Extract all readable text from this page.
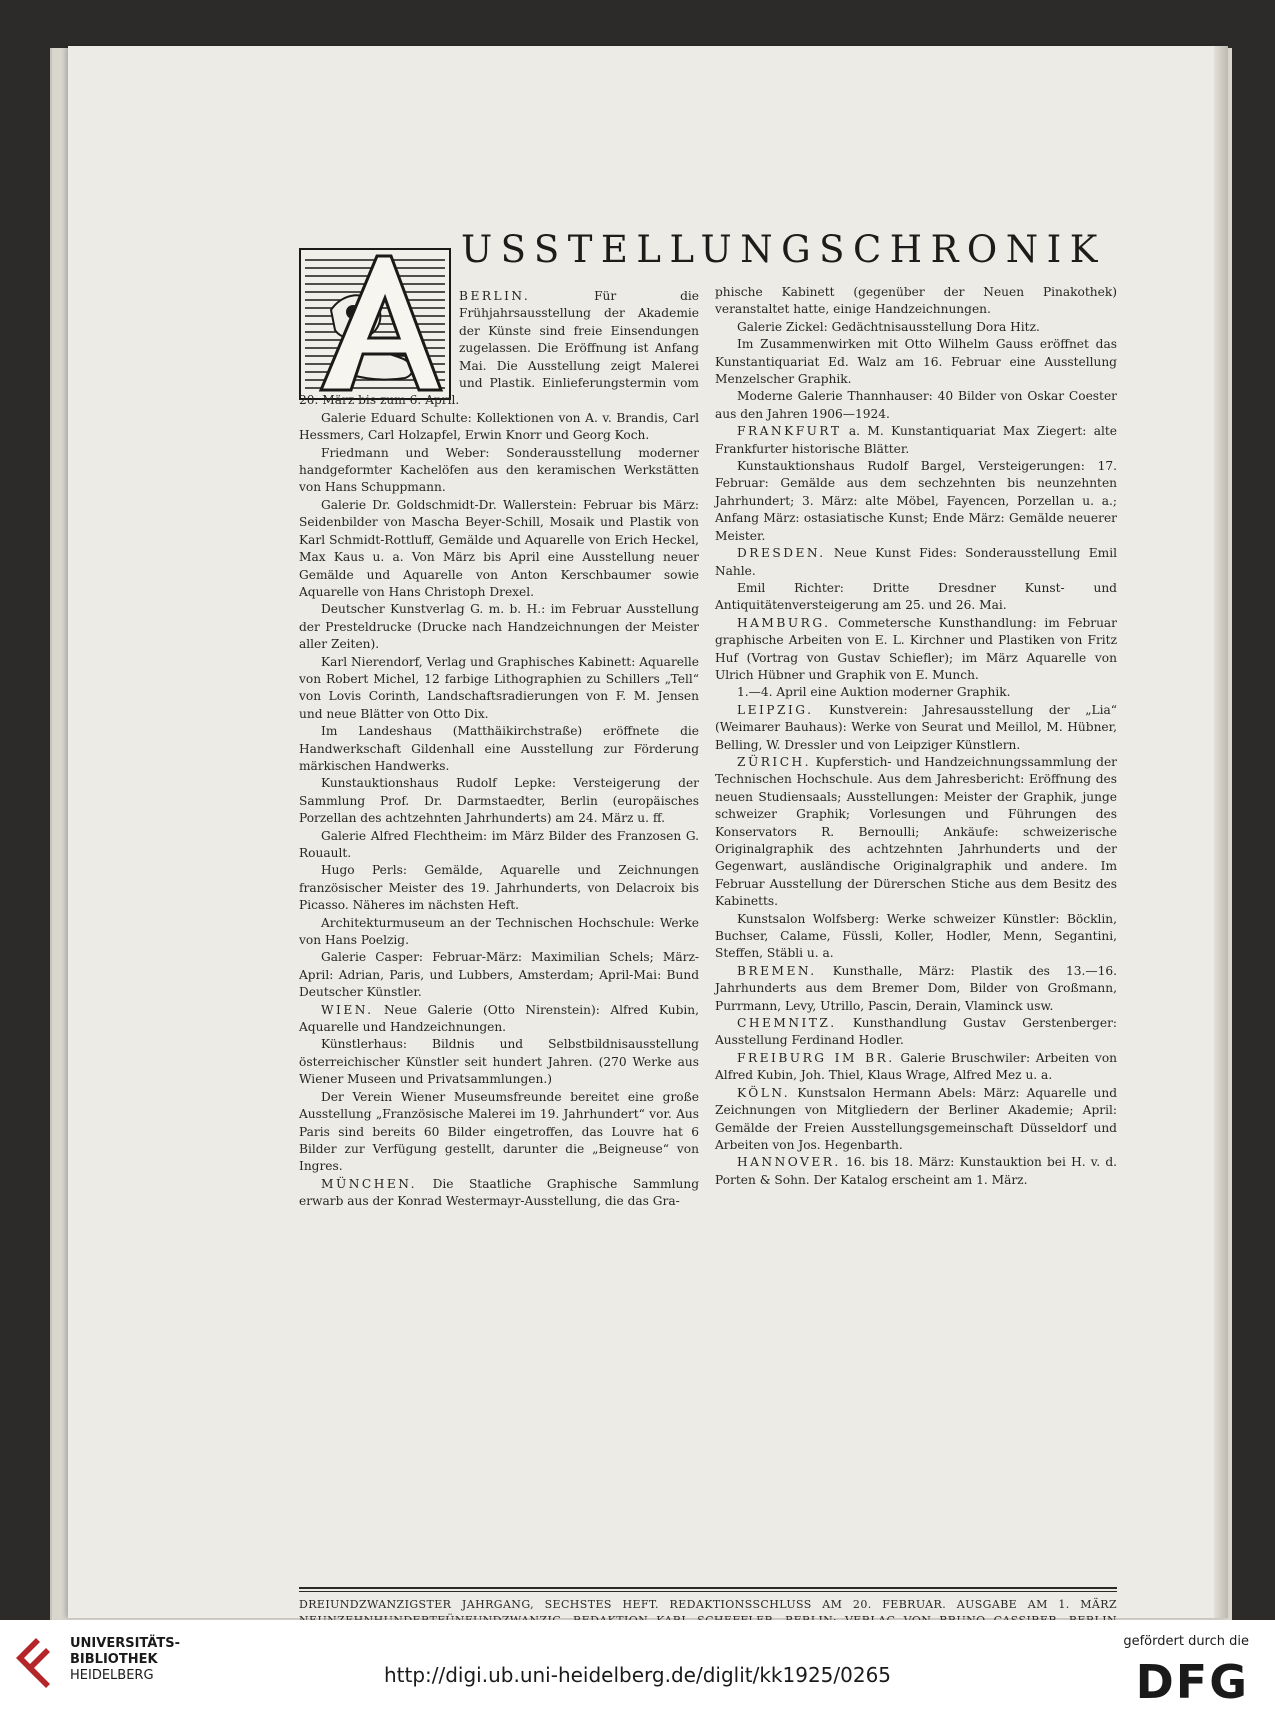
USSTELLUNGSCHRONIK

BERLIN.	Für die Frühjahrsausstellung der Akademie der Künste sind freie Einsendungen zugelassen. Die Eröffnung ist Anfang Mai. Die Ausstellung zeigt Malerei und Plastik. Einlieferungstermin vom 20. März bis zum 6. April.

Galerie Eduard Schulte: Kollektionen von A. v. Brandis, Carl Hessmers, Carl Holzapfel, Erwin Knorr und Georg Koch.

Friedmann und Weber: Sonderausstellung moderner handgeformter Kachelöfen aus den keramischen Werkstätten von Hans Schuppmann.

Galerie Dr. Goldschmidt-Dr. Wallerstein: Februar bis März: Seidenbilder von Mascha Beyer-Schill, Mosaik und Plastik von Karl Schmidt-Rottluff, Gemälde und Aquarelle von Erich Heckel, Max Kaus u. a. Von März bis April eine Ausstellung neuer Gemälde und Aquarelle von Anton Kerschbaumer sowie Aquarelle von Hans Christoph Drexel.

Deutscher Kunstverlag G. m. b. H.: im Februar Ausstellung der Presteldrucke (Drucke nach Handzeichnungen der Meister aller Zeiten).

Karl Nierendorf, Verlag und Graphisches Kabinett: Aquarelle von Robert Michel, 12 farbige Lithographien zu Schillers „Tell“ von Lovis Corinth, Landschaftsradierungen von F. M. Jensen und neue Blätter von Otto Dix.

Im Landeshaus (Matthäikirchstraße) eröffnete die Handwerkschaft Gildenhall eine Ausstellung zur Förderung märkischen Handwerks.

Kunstauktionshaus Rudolf Lepke: Versteigerung der Sammlung Prof. Dr. Darmstaedter, Berlin (europäisches Porzellan des achtzehnten Jahrhunderts) am 24. März u. ff.

Galerie Alfred Flechtheim: im März Bilder des Franzosen G. Rouault.

Hugo Perls: Gemälde, Aquarelle und Zeichnungen französischer Meister des 19. Jahrhunderts, von Delacroix bis Picasso. Näheres im nächsten Heft.

Architekturmuseum an der Technischen Hochschule: Werke von Hans Poelzig.

Galerie Casper: Februar-März: Maximilian Schels; März-April: Adrian, Paris, und Lubbers, Amsterdam; April-Mai: Bund Deutscher Künstler.

WIEN. Neue Galerie (Otto Nirenstein): Alfred Kubin, Aquarelle und Handzeichnungen.

Künstlerhaus: Bildnis und Selbstbildnisausstellung österreichischer Künstler seit hundert Jahren. (270 Werke aus Wiener Museen und Privatsammlungen.)

Der Verein Wiener Museumsfreunde bereitet eine große Ausstellung „Französische Malerei im 19. Jahrhundert“ vor. Aus Paris sind bereits 60 Bilder eingetroffen, das Louvre hat 6 Bilder zur Verfügung gestellt, darunter die „Beigneuse“ von Ingres.

MÜNCHEN. Die Staatliche Graphische Sammlung erwarb aus der Konrad Westermayr-Ausstellung, die das Gra-

phische Kabinett (gegenüber der Neuen Pinakothek) veranstaltet hatte, einige Handzeichnungen.

Galerie Zickel: Gedächtnisausstellung Dora Hitz.

Im Zusammenwirken mit Otto Wilhelm Gauss eröffnet das Kunstantiquariat Ed. Walz am 16. Februar eine Ausstellung Menzelscher Graphik.

Moderne Galerie Thannhauser: 40 Bilder von Oskar Coester aus den Jahren 1906—1924.

FRANKFURT a. M. Kunstantiquariat Max Ziegert: alte Frankfurter historische Blätter.

Kunstauktionshaus Rudolf Bargel, Versteigerungen: 17. Februar: Gemälde aus dem sechzehnten bis neunzehnten Jahrhundert; 3. März: alte Möbel, Fayencen, Porzellan u. a.; Anfang März: ostasiatische Kunst; Ende März: Gemälde neuerer Meister.

DRESDEN. Neue Kunst Fides: Sonderausstellung Emil Nahle.

Emil Richter: Dritte Dresdner Kunst- und Antiquitätenversteigerung am 25. und 26. Mai.

HAMBURG. Commetersche Kunsthandlung: im Februar graphische Arbeiten von E. L. Kirchner und Plastiken von Fritz Huf (Vortrag von Gustav Schiefler); im März Aquarelle von Ulrich Hübner und Graphik von E. Munch.

1.—4. April eine Auktion moderner Graphik.

LEIPZIG. Kunstverein: Jahresausstellung der „Lia“ (Weimarer Bauhaus): Werke von Seurat und Meillol, M. Hübner, Belling, W. Dressler und von Leipziger Künstlern.

ZÜRICH. Kupferstich- und Handzeichnungssammlung der Technischen Hochschule. Aus dem Jahresbericht: Eröffnung des neuen Studiensaals; Ausstellungen: Meister der Graphik, junge schweizer Graphik; Vorlesungen und Führungen des Konservators R. Bernoulli; Ankäufe: schweizerische Originalgraphik des achtzehnten Jahrhunderts und der Gegenwart, ausländische Originalgraphik und andere. Im Februar Ausstellung der Dürerschen Stiche aus dem Besitz des Kabinetts.

Kunstsalon Wolfsberg: Werke schweizer Künstler: Böcklin, Buchser, Calame, Füssli, Koller, Hodler, Menn, Segantini, Steffen, Stäbli u. a.

BREMEN. Kunsthalle, März: Plastik des 13.—16. Jahrhunderts aus dem Bremer Dom, Bilder von Großmann, Purrmann, Levy, Utrillo, Pascin, Derain, Vlaminck usw.

CHEMNITZ. Kunsthandlung Gustav Gerstenberger: Ausstellung Ferdinand Hodler.

FREIBURG IM BR. Galerie Bruschwiler: Arbeiten von Alfred Kubin, Joh. Thiel, Klaus Wrage, Alfred Mez u. a.

KÖLN. Kunstsalon Hermann Abels: März: Aquarelle und Zeichnungen von Mitgliedern der Berliner Akademie; April: Gemälde der Freien Ausstellungsgemeinschaft Düsseldorf und Arbeiten von Jos. Hegenbarth.

HANNOVER. 16. bis 18. März: Kunstauktion bei H. v. d. Porten & Sohn. Der Katalog erscheint am 1. März.

DREIUNDZWANZIGSTER JAHRGANG, SECHSTES HEFT. REDAKTIONSSCHLUSS AM 20. FEBRUAR. AUSGABE AM 1. MÄRZ
UNIVERSITÄTS-
BIBLIOTHEK
HEIDELBERG	http://digi.ub.uni-heidelberg.de/diglit/kk1925/0265
gefördert durch die
DFG
